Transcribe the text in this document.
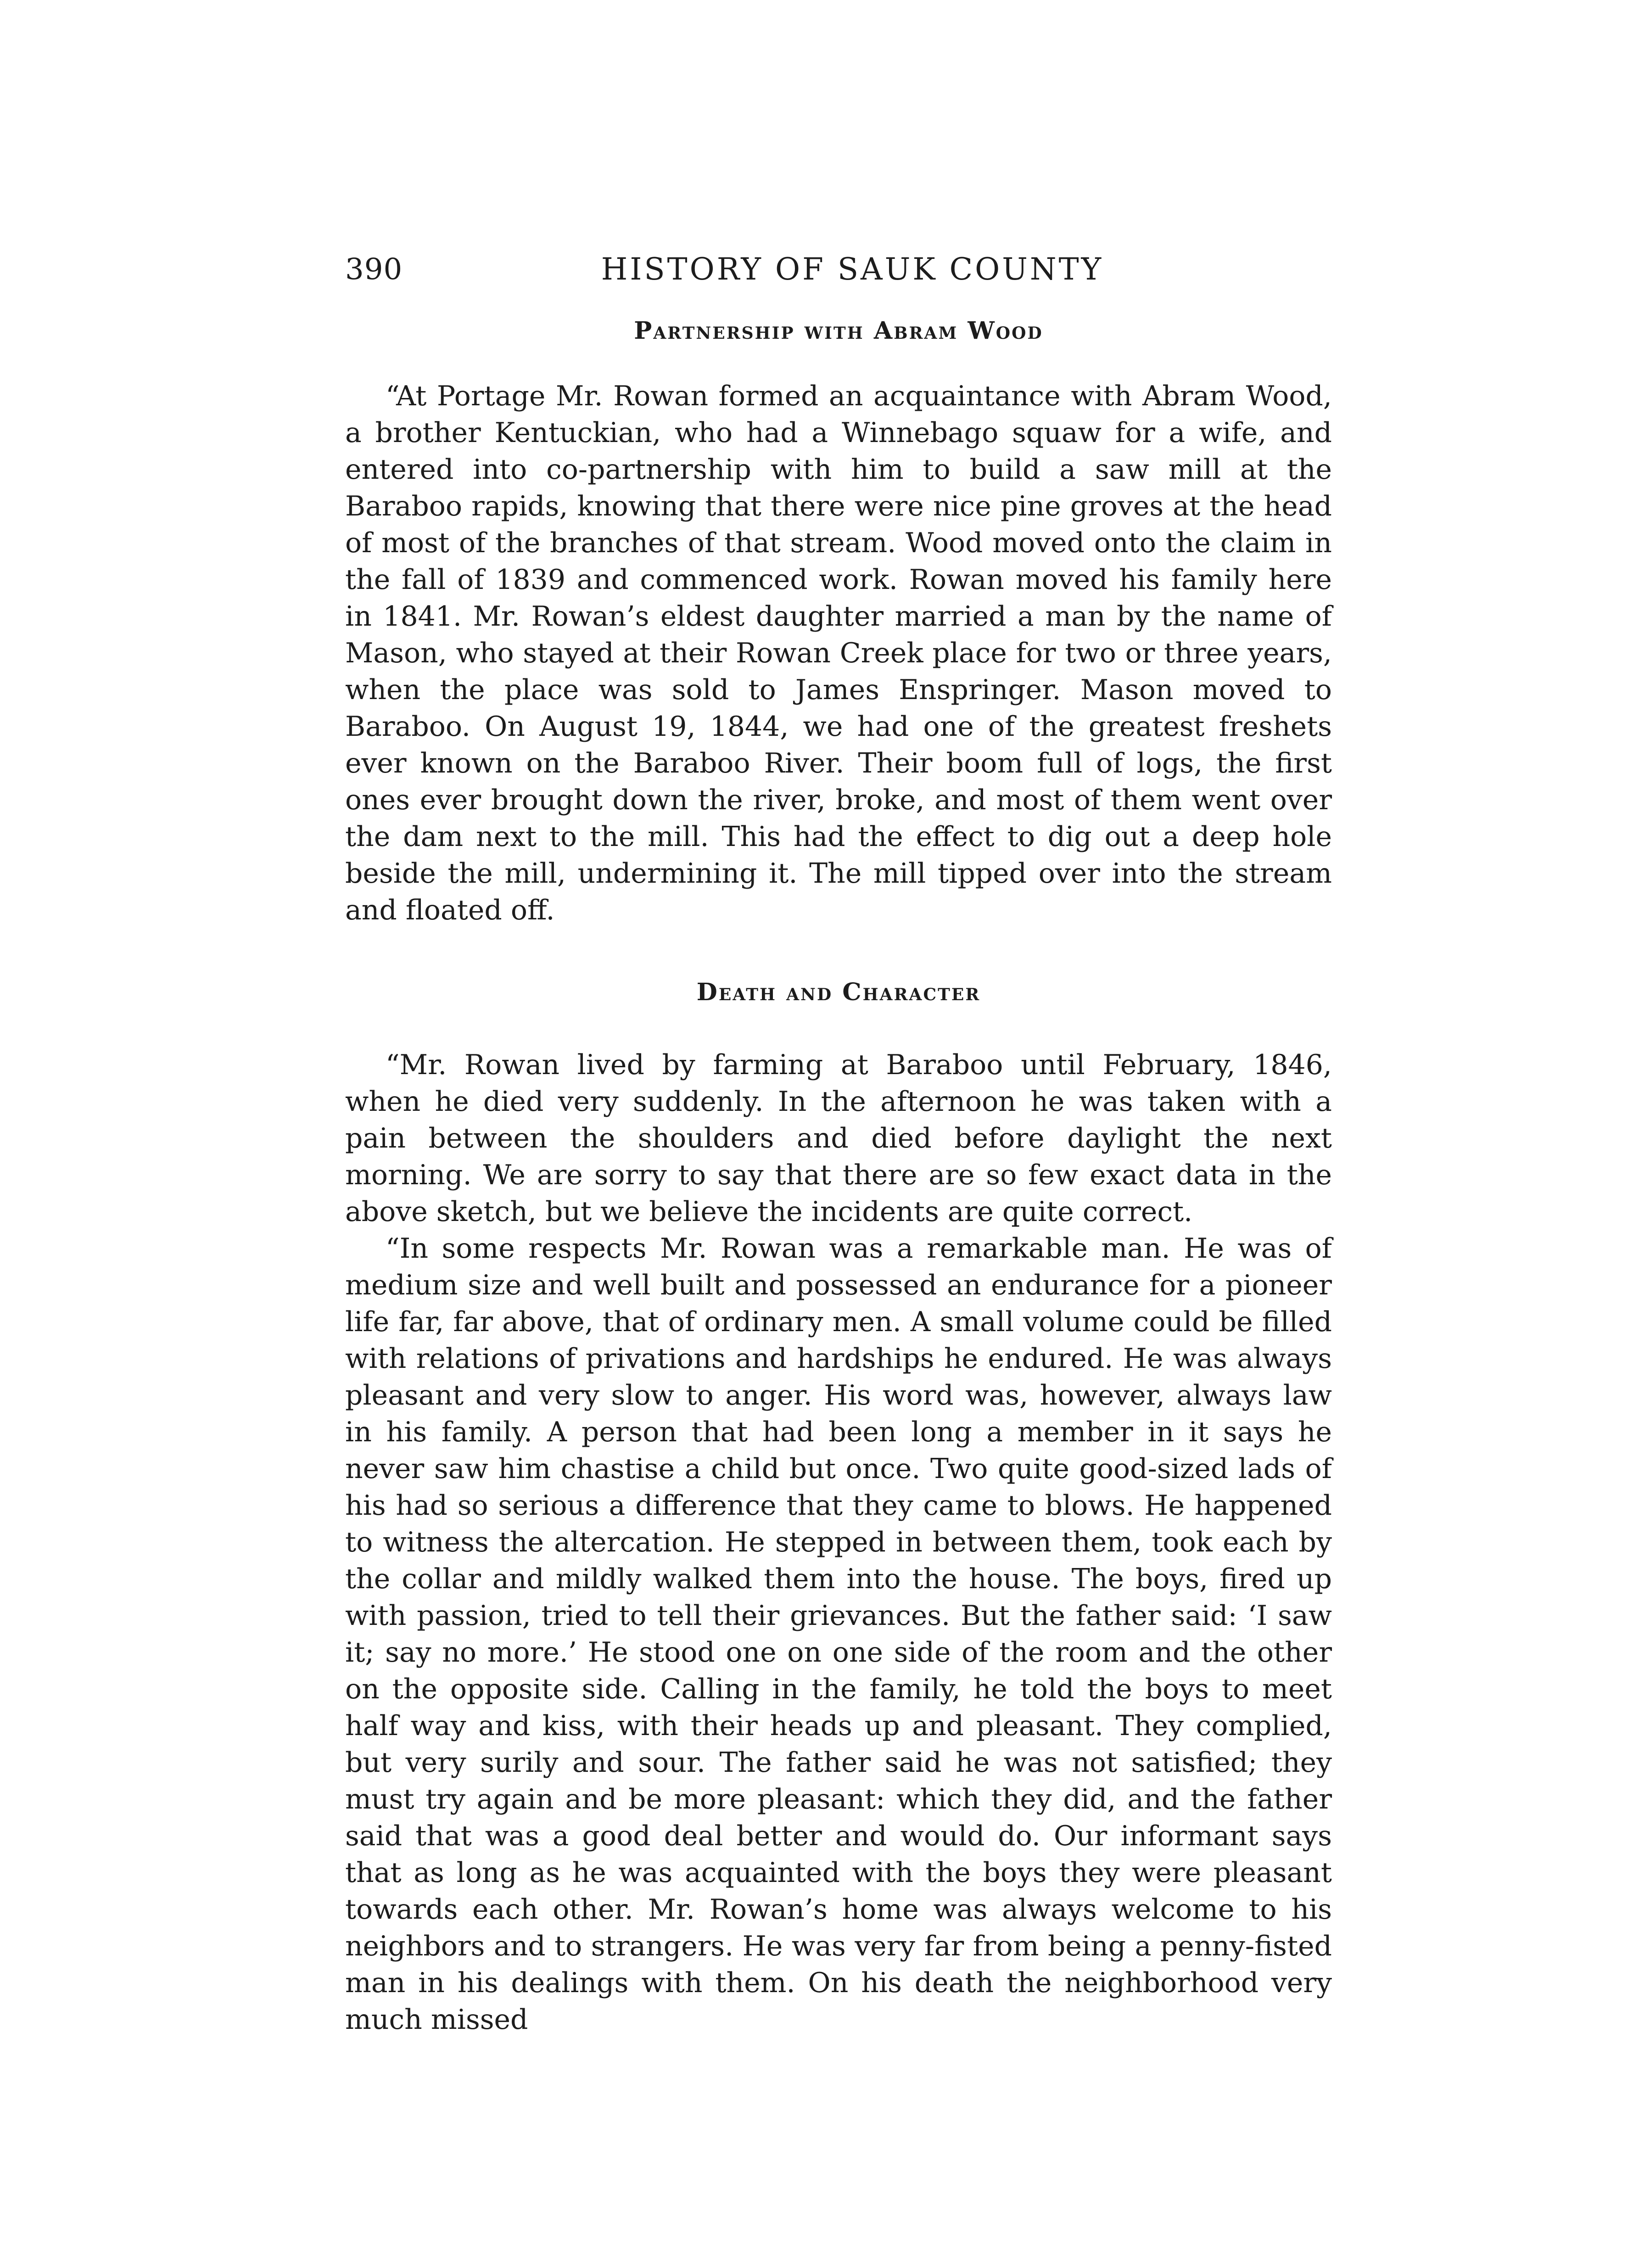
390	HISTORY OF SAUK COUNTY
Partnership with Abram Wood

“At Portage Mr. Rowan formed an acquaintance with Abram Wood, a brother Kentuckian, who had a Winnebago squaw for a wife, and entered into co-partnership with him to build a saw mill at the Baraboo rapids, knowing that there were nice pine groves at the head of most of the branches of that stream. Wood moved onto the claim in the fall of 1839 and commenced work. Rowan moved his family here in 1841. Mr. Rowan’s eldest daughter married a man by the name of Mason, who stayed at their Rowan Creek place for two or three years, when the place was sold to James Enspringer. Mason moved to Baraboo. On August 19, 1844, we had one of the greatest freshets ever known on the Baraboo River. Their boom full of logs, the first ones ever brought down the river, broke, and most of them went over the dam next to the mill. This had the effect to dig out a deep hole beside the mill, undermining it. The mill tipped over into the stream and floated off.

Death and Character

“Mr. Rowan lived by farming at Baraboo until February, 1846, when he died very suddenly. In the afternoon he was taken with a pain between the shoulders and died before daylight the next morning. We are sorry to say that there are so few exact data in the above sketch, but we believe the incidents are quite correct.

“In some respects Mr. Rowan was a remarkable man. He was of medium size and well built and possessed an endurance for a pioneer life far, far above, that of ordinary men. A small volume could be filled with relations of privations and hardships he endured. He was always pleasant and very slow to anger. His word was, however, always law in his family. A person that had been long a member in it says he never saw him chastise a child but once. Two quite good-sized lads of his had so serious a difference that they came to blows. He happened to witness the altercation. He stepped in between them, took each by the collar and mildly walked them into the house. The boys, fired up with passion, tried to tell their grievances. But the father said: ‘I saw it; say no more.’ He stood one on one side of the room and the other on the opposite side. Calling in the family, he told the boys to meet half way and kiss, with their heads up and pleasant. They complied, but very surily and sour. The father said he was not satisfied; they must try again and be more pleasant: which they did, and the father said that was a good deal better and would do. Our informant says that as long as he was acquainted with the boys they were pleasant towards each other. Mr. Rowan’s home was always welcome to his neighbors and to strangers. He was very far from being a penny-fisted man in his dealings with them. On his death the neighborhood very much missed
